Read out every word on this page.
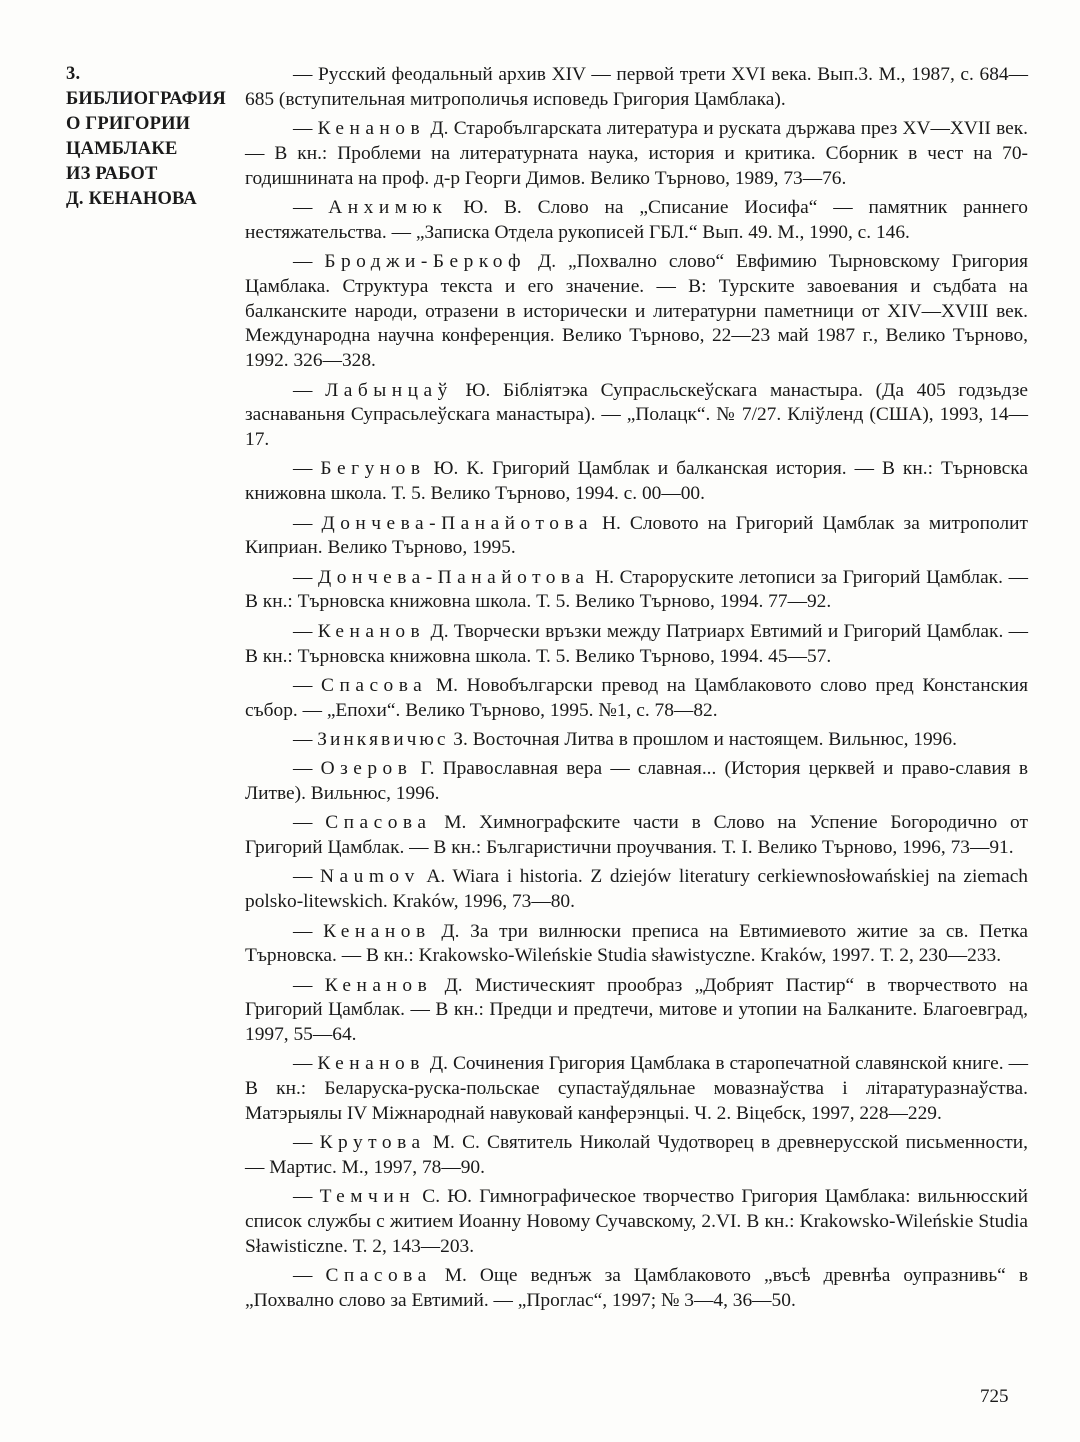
3.
БИБЛИОГРАФИЯ
О ГРИГОРИИ
ЦАМБЛАКЕ
ИЗ РАБОТ
Д. КЕНАНОВА

— Русский феодальный архив XIV — первой трети XVI века. Вып.3. М., 1987, с. 684—685 (вступительная митрополичья исповедь Григория Цамблака).

— Кенанов Д. Старобългарската литература и руската държава през XV—XVII век. — В кн.: Проблеми на литературната наука, история и критика. Сборник в чест на 70-годишнината на проф. д-р Георги Димов. Велико Търново, 1989, 73—76.

— Анхимюк Ю. В. Слово на „Списание Иосифа“ — памятник раннего нестяжательства. — „Записка Отдела рукописей ГБЛ.“ Вып. 49. М., 1990, с. 146.

— Броджи-Беркоф Д. „Похвално слово“ Евфимию Тырновскому Григория Цамблака. Структура текста и его значение. — В: Турските завоевания и съдбата на балканските народи, отразени в исторически и литературни паметници от XIV—XVIII век. Международна научна конференция. Велико Търново, 22—23 май 1987 г., Велико Търново, 1992. 326—328.

— Лабынцаў Ю. Бібліятэка Супрасльскеўскага манастыра. (Да 405 годзьдзе заснаваньня Супрасьлеўскага манастыра). — „Полацк“. № 7/27. Кліўленд (США), 1993, 14—17.

— Бегунов Ю. К. Григорий Цамблак и балканская история. — В кн.: Търновска книжовна школа. Т. 5. Велико Търново, 1994. с. 00—00.

— Дончева-Панайотова Н. Словото на Григорий Цамблак за митрополит Киприан. Велико Търново, 1995.

— Дончева-Панайотова Н. Староруските летописи за Григорий Цамблак. — В кн.: Търновска книжовна школа. Т. 5. Велико Търново, 1994. 77—92.

— Кенанов Д. Творчески връзки между Патриарх Евтимий и Григорий Цамблак. — В кн.: Търновска книжовна школа. Т. 5. Велико Търново, 1994. 45—57.

— Спасова М. Новобългарски превод на Цамблаковото слово пред Констанския събор. — „Епохи“. Велико Търново, 1995. №1, с. 78—82.

— Зинкявичюс З. Восточная Литва в прошлом и настоящем. Вильнюс, 1996.

— Озеров Г. Православная вера — славная... (История церквей и право-славия в Литве). Вильнюс, 1996.

— Спасова М. Химнографските части в Слово на Успение Богородично от Григорий Цамблак. — В кн.: Българистични проучвания. Т. I. Велико Търново, 1996, 73—91.

— Naumov A. Wiara i historia. Z dziejów literatury cerkiewnosłowańskiej na ziemach polsko-litewskich. Kraków, 1996, 73—80.

— Кенанов Д. За три вилнюски преписа на Евтимиевото житие за св. Петка Търновска. — В кн.: Krakowsko-Wileńskie Studia sławistyczne. Kraków, 1997. Т. 2, 230—233.

— Кенанов Д. Мистическият прообраз „Добрият Пастир“ в творчеството на Григорий Цамблак. — В кн.: Предци и предтечи, митове и утопии на Балканите. Благоевград, 1997, 55—64.

— Кенанов Д. Сочинения Григория Цамблака в старопечатной славянской книге. — В кн.: Беларуска-руска-польскае супастаўдяльнае мовазнаўства і літаратуразнаўства. Матэрыялы IV Міжнароднай навуковай канферэнцыі. Ч. 2. Віцебск, 1997, 228—229.

— Крутова М. С. Святитель Николай Чудотворец в древнерусской письменности, — Мартис. М., 1997, 78—90.

— Темчин С. Ю. Гимнографическое творчество Григория Цамблака: вильнюсский список службы с житием Иоанну Новому Сучавскому, 2.VI. В кн.: Krakowsko-Wileńskie Studia Sławisticzne. Т. 2, 143—203.

— Спасова М. Още веднъж за Цамблаковото „въсѣ древнѣа оупразнивь“ в „Похвално слово за Евтимий. — „Проглас“, 1997; № 3—4, 36—50.

725
